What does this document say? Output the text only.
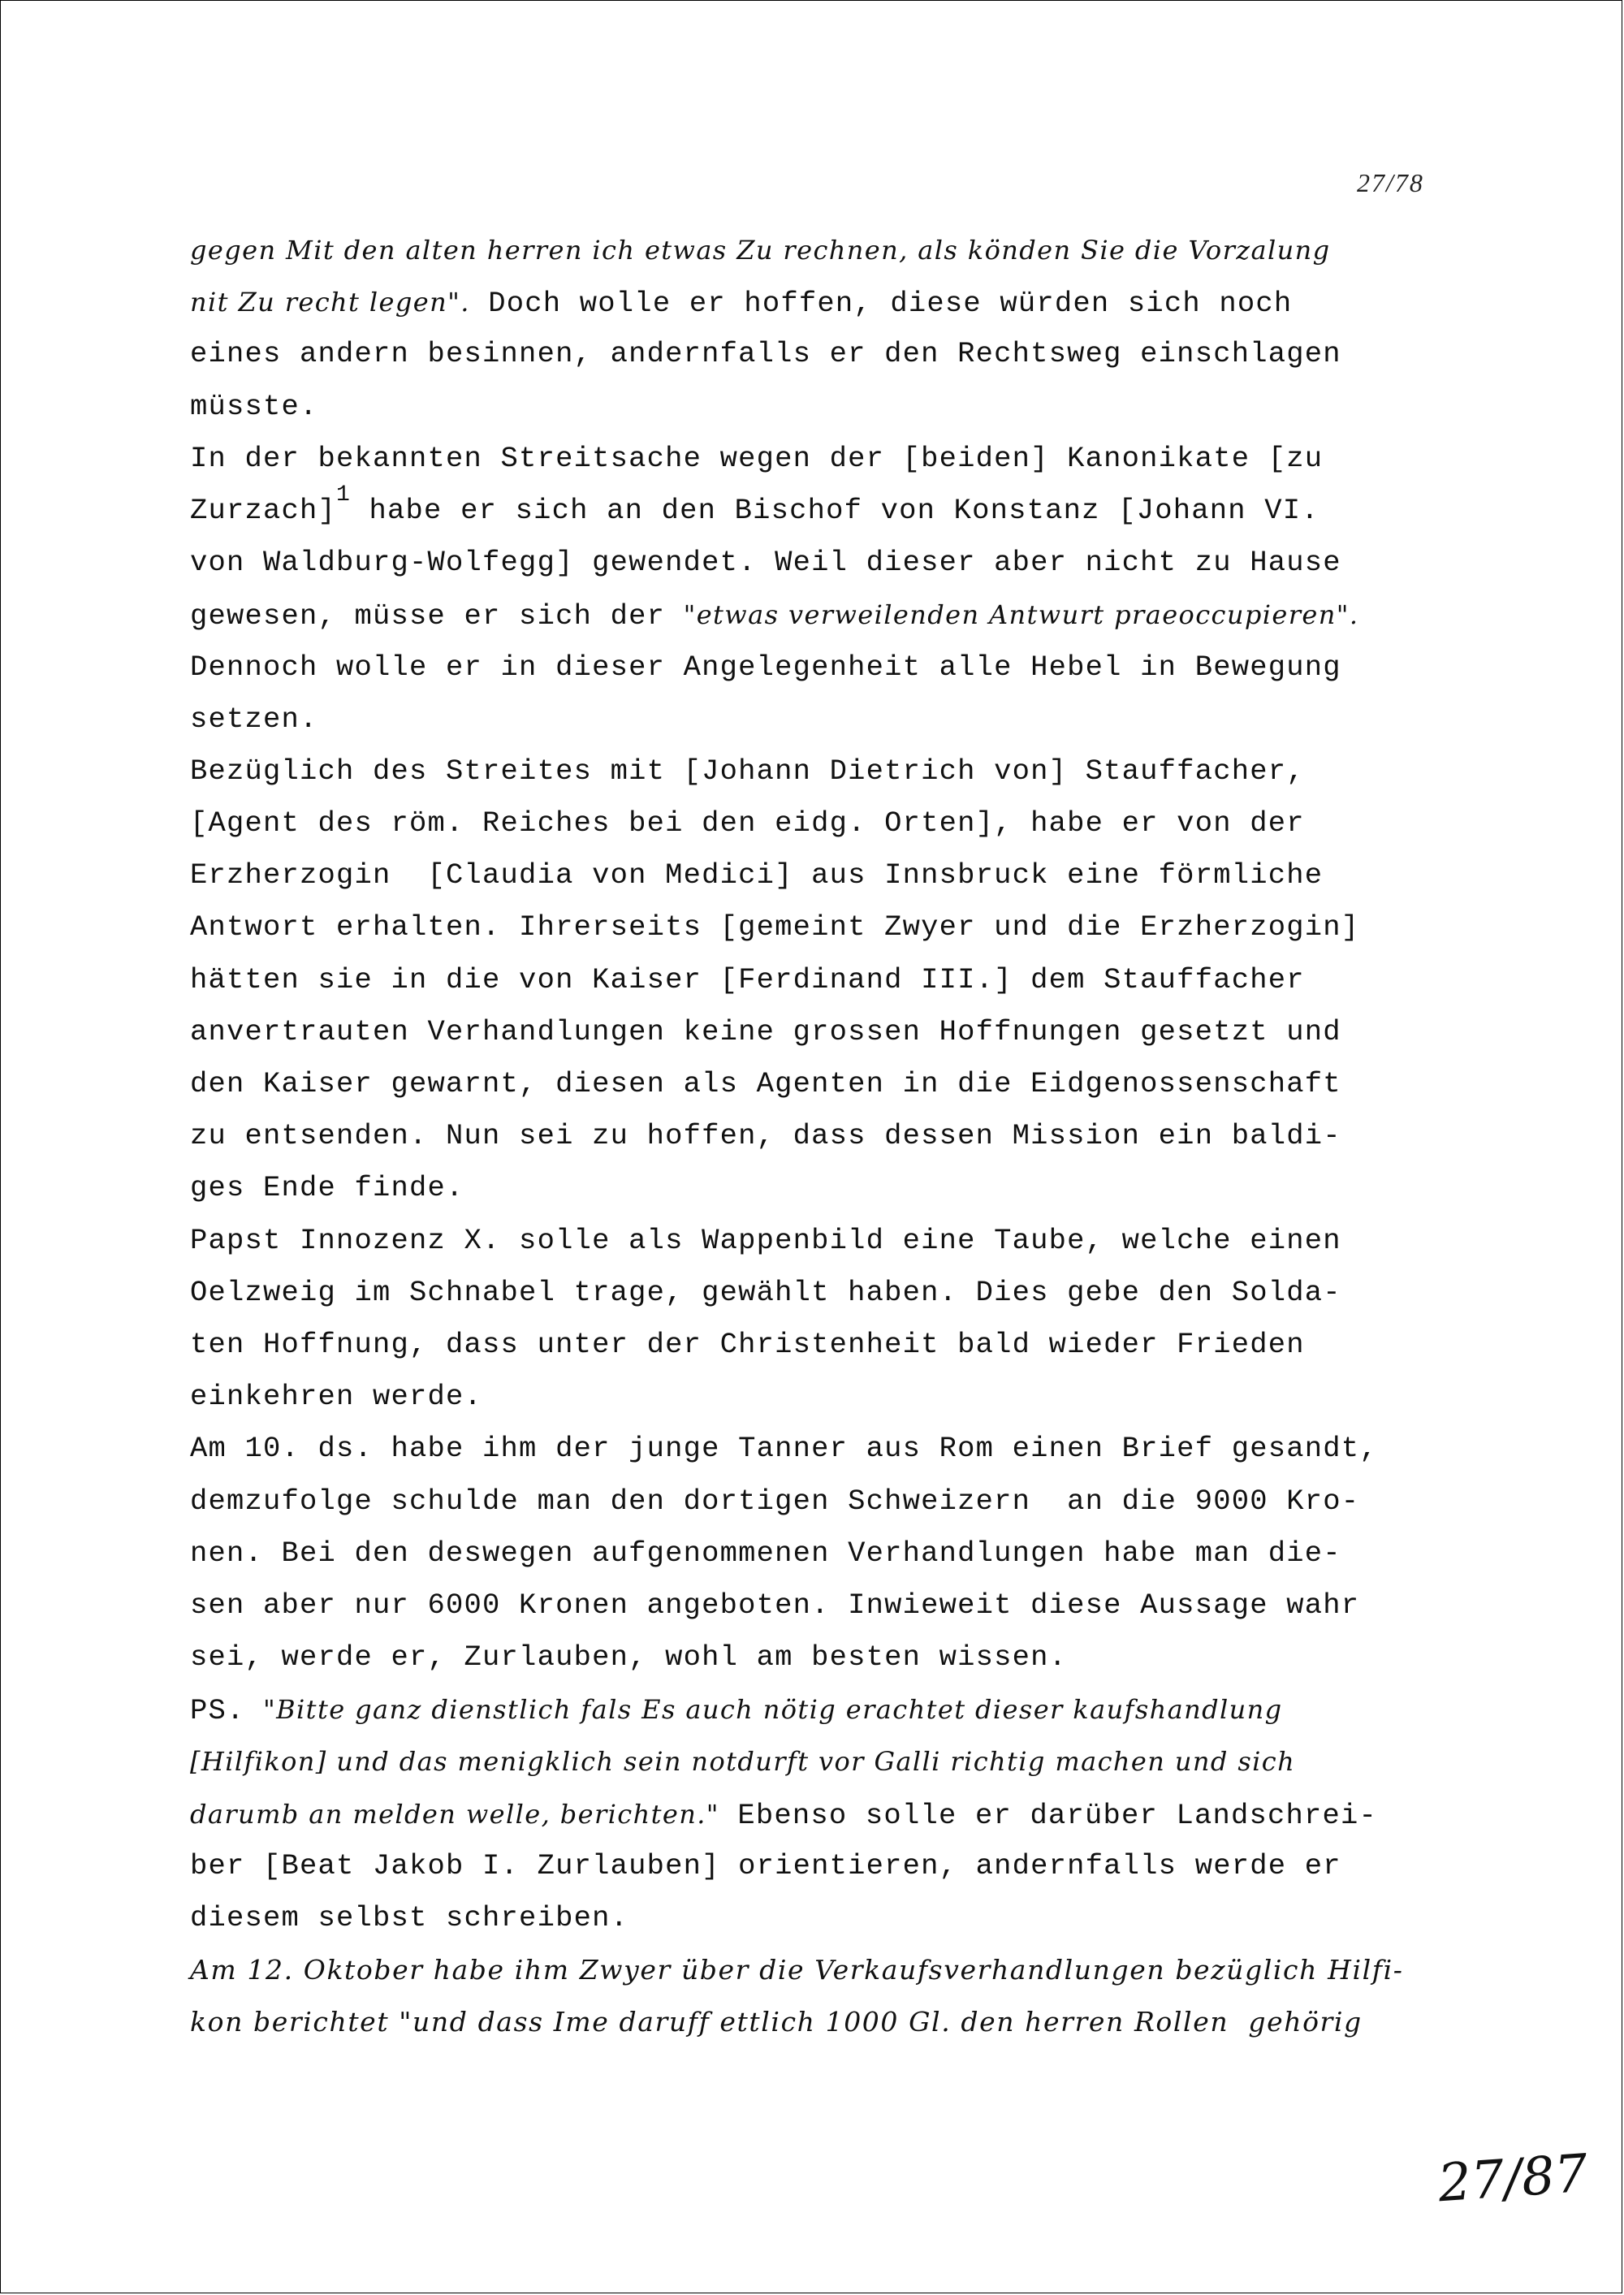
27/78
gegen Mit den alten herren ich etwas Zu rechnen, als könden Sie die Vorzalung
nit Zu recht legen". Doch wolle er hoffen, diese würden sich noch
eines andern besinnen, andernfalls er den Rechtsweg einschlagen
müsste.
In der bekannten Streitsache wegen der [beiden] Kanonikate [zu
Zurzach]$^1$ habe er sich an den Bischof von Konstanz [Johann VI.
von Waldburg-Wolfegg] gewendet. Weil dieser aber nicht zu Hause
gewesen, müsse er sich der "etwas verweilenden Antwurt praeoccupieren".
Dennoch wolle er in dieser Angelegenheit alle Hebel in Bewegung
setzen.
Bezüglich des Streites mit [Johann Dietrich von] Stauffacher,
[Agent des röm. Reiches bei den eidg. Orten], habe er von der
Erzherzogin  [Claudia von Medici] aus Innsbruck eine förmliche
Antwort erhalten. Ihrerseits [gemeint Zwyer und die Erzherzogin]
hätten sie in die von Kaiser [Ferdinand III.] dem Stauffacher
anvertrauten Verhandlungen keine grossen Hoffnungen gesetzt und
den Kaiser gewarnt, diesen als Agenten in die Eidgenossenschaft
zu entsenden. Nun sei zu hoffen, dass dessen Mission ein baldi-
ges Ende finde.
Papst Innozenz X. solle als Wappenbild eine Taube, welche einen
Oelzweig im Schnabel trage, gewählt haben. Dies gebe den Solda-
ten Hoffnung, dass unter der Christenheit bald wieder Frieden
einkehren werde.
Am 10. ds. habe ihm der junge Tanner aus Rom einen Brief gesandt,
demzufolge schulde man den dortigen Schweizern  an die 9000 Kro-
nen. Bei den deswegen aufgenommenen Verhandlungen habe man die-
sen aber nur 6000 Kronen angeboten. Inwieweit diese Aussage wahr
sei, werde er, Zurlauben, wohl am besten wissen.
PS. "Bitte ganz dienstlich fals Es auch nötig erachtet dieser kaufshandlung
[Hilfikon] und das menigklich sein notdurft vor Galli richtig machen und sich
darumb an melden welle, berichten." Ebenso solle er darüber Landschrei-
ber [Beat Jakob I. Zurlauben] orientieren, andernfalls werde er
diesem selbst schreiben.
Am 12. Oktober habe ihm Zwyer über die Verkaufsverhandlungen bezüglich Hilfi-
kon berichtet "und dass Ime daruff ettlich 1000 Gl. den herren Rollen  gehörig
27/87
